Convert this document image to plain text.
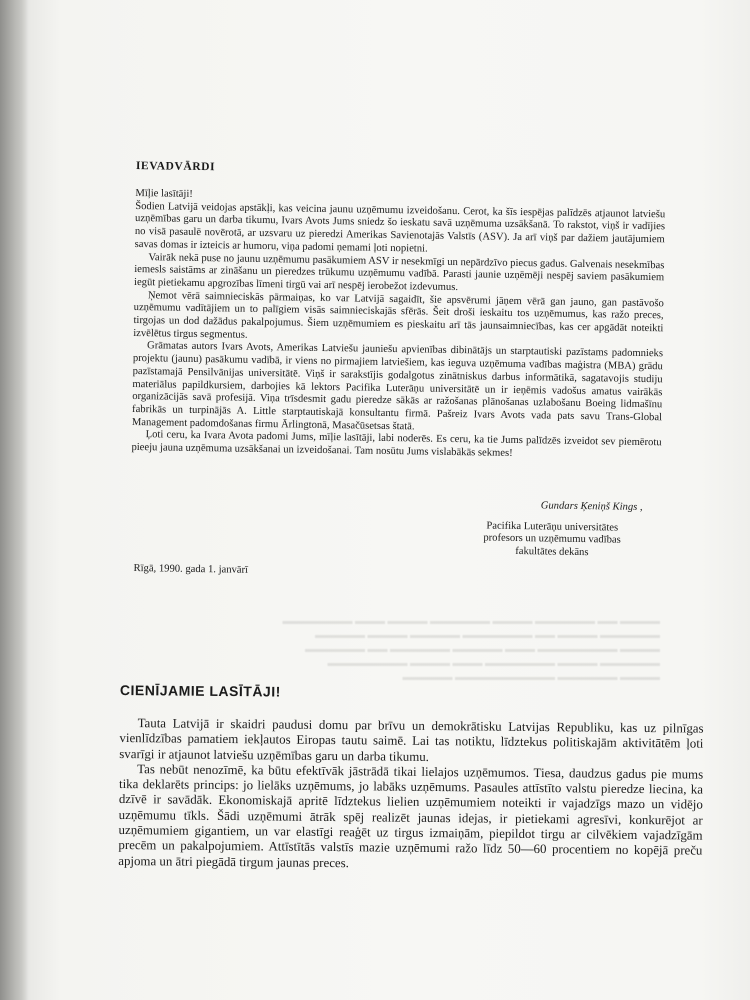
▬▬▬▬ ▬▬ ▬▬▬▬▬▬ ▬▬▬▬ ▬▬▬▬▬▬ ▬▬▬▬ ▬▬▬ ▬▬▬▬▬▬▬
▬▬▬▬▬▬ ▬▬▬▬ ▬▬ ▬▬▬▬▬▬▬ ▬▬▬▬▬ ▬▬▬▬ ▬▬▬▬▬
▬▬▬▬ ▬▬▬▬▬▬▬▬ ▬▬▬ ▬▬▬▬▬ ▬▬▬▬▬▬ ▬▬ ▬▬▬▬▬▬
▬▬▬▬▬▬ ▬▬▬▬ ▬▬▬▬▬▬▬ ▬▬▬ ▬▬▬▬ ▬▬▬▬▬▬▬▬
▬▬▬▬ ▬▬▬▬▬▬ ▬▬▬▬▬▬▬▬▬▬ ▬▬▬▬▬
IEVADVĀRDI

Mīļie lasītāji!

Šodien Latvijā veidojas apstākļi, kas veicina jaunu uzņēmumu izveidošanu. Cerot, ka šīs iespējas palīdzēs atjaunot latviešu uzņēmības garu un darba tikumu, Ivars Avots Jums sniedz šo ieskatu savā uzņēmuma uzsākšanā. To rakstot, viņš ir vadījies no visā pasaulē novērotā, ar uzsvaru uz pieredzi Amerikas Savienotajās Valstīs (ASV). Ja arī viņš par dažiem jautājumiem savas domas ir izteicis ar humoru, viņa padomi ņemami ļoti nopietni.

Vairāk nekā puse no jaunu uzņēmumu pasākumiem ASV ir nesekmīgi un nepārdzīvo piecus gadus. Galvenais nesekmības iemesls saistāms ar zināšanu un pieredzes trūkumu uzņēmumu vadībā. Parasti jaunie uzņēmēji nespēj saviem pasākumiem iegūt pietiekamu apgrozības līmeni tirgū vai arī nespēj ierobežot izdevumus.

Ņemot vērā saimnieciskās pārmaiņas, ko var Latvijā sagaidīt, šie apsvērumi jāņem vērā gan jauno, gan pastāvošo uzņēmumu vadītājiem un to palīgiem visās saimnieciskajās sfērās. Šeit droši ieskaitu tos uzņēmumus, kas ražo preces, tirgojas un dod dažādus pakalpojumus. Šiem uzņēmumiem es pieskaitu arī tās jaunsaimniecības, kas cer apgādāt noteikti izvēlētus tirgus segmentus.

Grāmatas autors Ivars Avots, Amerikas Latviešu jauniešu apvienības dibinātājs un starptautiski pazīstams padomnieks projektu (jaunu) pasākumu vadībā, ir viens no pirmajiem latviešiem, kas ieguva uzņēmuma vadības maģistra (MBA) grādu pazīstamajā Pensilvānijas universitātē. Viņš ir sarakstījis godalgotus zinātniskus darbus informātikā, sagatavojis studiju materiālus papildkursiem, darbojies kā lektors Pacifika Luterāņu universitātē un ir ieņēmis vadošus amatus vairākās organizācijās savā profesijā. Viņa trīsdesmit gadu pieredze sākās ar ražošanas plānošanas uzlabošanu Boeing lidmašīnu fabrikās un turpinājās A. Little starptautiskajā konsultantu firmā. Pašreiz Ivars Avots vada pats savu Trans-Global Management padomdošanas firmu Ārlingtonā, Masačūsetsas štatā.

Ļoti ceru, ka Ivara Avota padomi Jums, mīļie lasītāji, labi noderēs. Es ceru, ka tie Jums palīdzēs izveidot sev piemērotu pieeju jauna uzņēmuma uzsākšanai un izveidošanai. Tam nosūtu Jums vislabākās sekmes!

Gundars Ķeniņš Kings ,
Pacifika Luterāņu universitātes
profesors un uzņēmumu vadības
fakultātes dekāns
Rīgā, 1990. gada 1. janvārī
CIENĪJAMIE LASĪTĀJI!

Tauta Latvijā ir skaidri paudusi domu par brīvu un demokrātisku Latvijas Republiku, kas uz pilnīgas vienlīdzības pamatiem iekļautos Eiropas tautu saimē. Lai tas notiktu, līdztekus politiskajām aktivitātēm ļoti svarīgi ir atjaunot latviešu uzņēmības garu un darba tikumu.

Tas nebūt nenozīmē, ka būtu efektīvāk jāstrādā tikai lielajos uzņēmumos. Tiesa, daudzus gadus pie mums tika deklarēts princips: jo lielāks uzņēmums, jo labāks uzņēmums. Pasaules attīstīto valstu pieredze liecina, ka dzīvē ir savādāk. Ekonomiskajā apritē līdztekus lielien uzņēmumiem noteikti ir vajadzīgs mazo un vidējo uzņēmumu tīkls. Šādi uzņēmumi ātrāk spēj realizēt jaunas idejas, ir pietiekami agresīvi, konkurējot ar uzņēmumiem gigantiem, un var elastīgi reaģēt uz tirgus izmaiņām, piepildot tirgu ar cilvēkiem vajadzīgām precēm un pakalpojumiem. Attīstītās valstīs mazie uzņēmumi ražo līdz 50—60 procentiem no kopējā preču apjoma un ātri piegādā tirgum jaunas preces.
